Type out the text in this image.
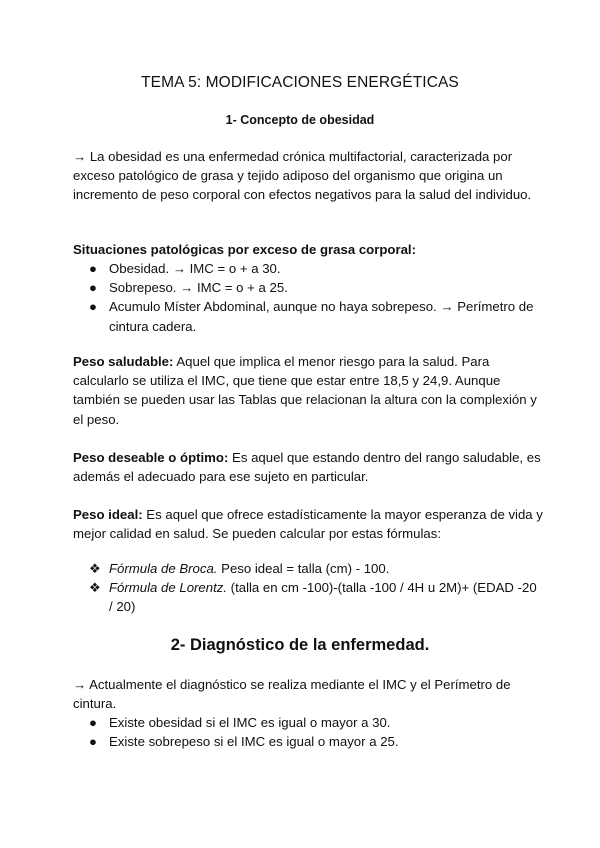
TEMA 5: MODIFICACIONES ENERGÉTICAS
1- Concepto de obesidad

→ La obesidad es una enfermedad crónica multifactorial, caracterizada por exceso patológico de grasa y tejido adiposo del organismo que origina un incremento de peso corporal con efectos negativos para la salud del individuo.

Situaciones patológicas por exceso de grasa corporal:

● Obesidad. → IMC = o + a 30.
● Sobrepeso. → IMC = o + a 25.
● Acumulo Míster Abdominal, aunque no haya sobrepeso. → Perímetro de cintura cadera.

Peso saludable: Aquel que implica el menor riesgo para la salud. Para calcularlo se utiliza el IMC, que tiene que estar entre 18,5 y 24,9. Aunque también se pueden usar las Tablas que relacionan la altura con la complexión y el peso.

Peso deseable o óptimo: Es aquel que estando dentro del rango saludable, es además el adecuado para ese sujeto en particular.

Peso ideal: Es aquel que ofrece estadísticamente la mayor esperanza de vida y mejor calidad en salud. Se pueden calcular por estas fórmulas:

❖ Fórmula de Broca. Peso ideal = talla (cm) - 100.
❖ Fórmula de Lorentz. (talla en cm -100)-(talla -100 / 4H u 2M)+ (EDAD -20 / 20)
2- Diagnóstico de la enfermedad.

→ Actualmente el diagnóstico se realiza mediante el IMC y el Perímetro de cintura.

● Existe obesidad si el IMC es igual o mayor a 30.
● Existe sobrepeso si el IMC es igual o mayor a 25.
